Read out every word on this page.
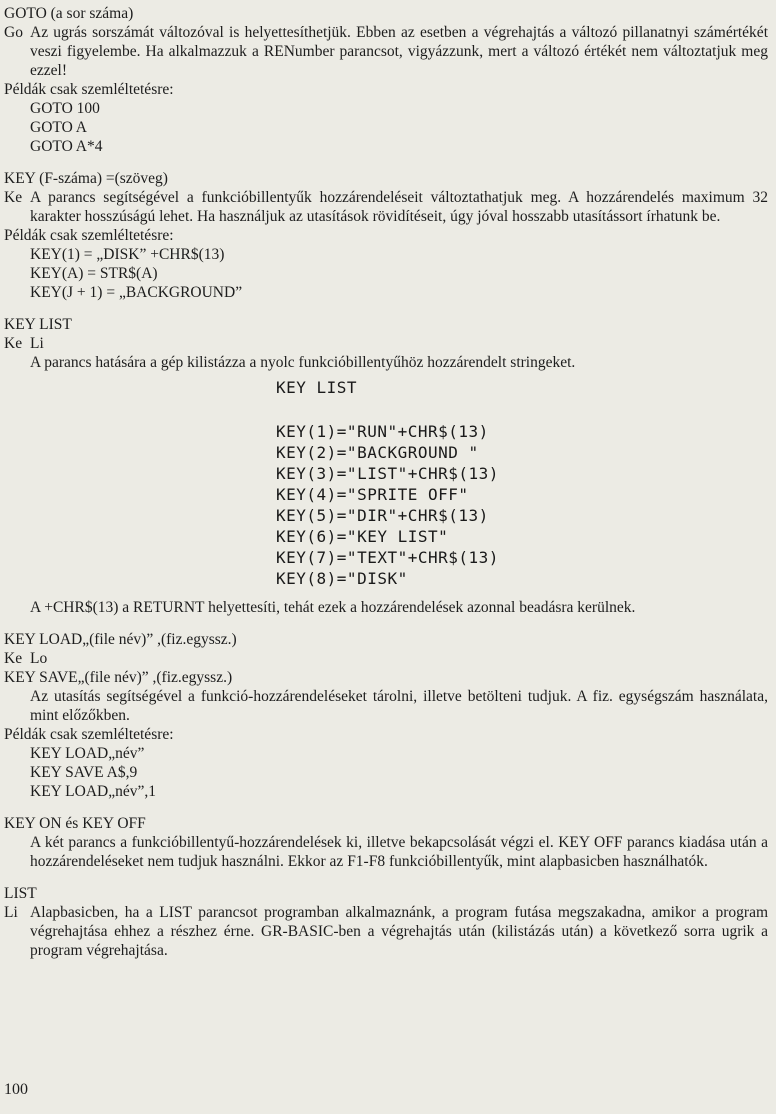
GOTO (a sor száma)
Go Az ugrás sorszámát változóval is helyettesíthetjük. Ebben az esetben a végrehajtás a változó pillanatnyi számértékét veszi figyelembe. Ha alkalmazzuk a RENumber parancsot, vigyázzunk, mert a változó értékét nem változtatjuk meg ezzel!
Példák csak szemléltetésre:
GOTO 100
GOTO A
GOTO A*4
KEY (F-száma) =(szöveg)
Ke A parancs segítségével a funkcióbillentyűk hozzárendeléseit változtathatjuk meg. A hozzárendelés maximum 32 karakter hosszúságú lehet. Ha használjuk az utasítások rövidítéseit, úgy jóval hosszabb utasítássort írhatunk be.
Példák csak szemléltetésre:
KEY(1) = „DISK” +CHR$(13)
KEY(A) = STR$(A)
KEY(J + 1) = „BACKGROUND”
KEY LIST
Ke Li
A parancs hatására a gép kilistázza a nyolc funkcióbillentyűhöz hozzárendelt stringeket.
KEY LIST
KEY(1)="RUN"+CHR$(13)
KEY(2)="BACKGROUND "
KEY(3)="LIST"+CHR$(13)
KEY(4)="SPRITE OFF"
KEY(5)="DIR"+CHR$(13)
KEY(6)="KEY LIST"
KEY(7)="TEXT"+CHR$(13)
KEY(8)="DISK"
A +CHR$(13) a RETURNT helyettesíti, tehát ezek a hozzárendelések azonnal beadásra kerülnek.
KEY LOAD„(file név)” ,(fiz.egyssz.)
Ke Lo
KEY SAVE„(file név)” ,(fiz.egyssz.)
Az utasítás segítségével a funkció-hozzárendeléseket tárolni, illetve betölteni tudjuk. A fiz. egységszám használata, mint előzőkben.
Példák csak szemléltetésre:
KEY LOAD„név”
KEY SAVE A$,9
KEY LOAD„név”,1
KEY ON és KEY OFF
A két parancs a funkcióbillentyű-hozzárendelések ki, illetve bekapcsolását végzi el. KEY OFF parancs kiadása után a hozzárendeléseket nem tudjuk használni. Ekkor az F1-F8 funkcióbillentyűk, mint alapbasicben használhatók.
LIST
Li Alapbasicben, ha a LIST parancsot programban alkalmaznánk, a program futása megszakadna, amikor a program végrehajtása ehhez a részhez érne. GR-BASIC-ben a végrehajtás után (kilistázás után) a következő sorra ugrik a program végrehajtása.
100
